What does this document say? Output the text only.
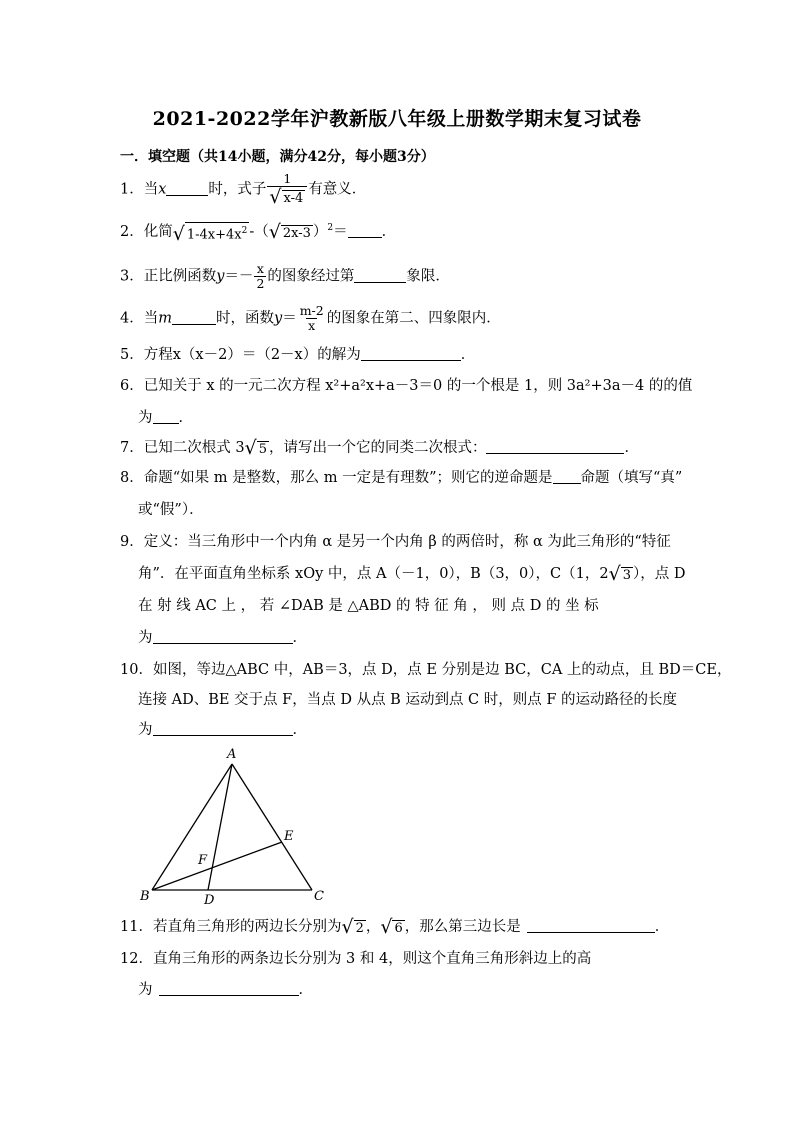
2021-2022学年沪教新版八年级上册数学期末复习试卷
一．填空题（共14小题，满分42分，每小题3分）
1．当x	时，式子 $\frac{1}{√ x-4}$ 有意义．
2．化简 √ $1-4x+4x^2$ -（ √ 2x-3 ）$^2$＝ ．
3．正比例函数$y=- \frac{x}{2}$ 的图象经过第	象限．
4．当m	时，函数$y= \frac{m-2}{x}$ 的图象在第二、四象限内．
5．方程x（x－2）＝（2－x）的解为	．
6．已知关于 x 的一元二次方程 x²+a²x+a－3＝0 的一个根是 1，则 3a²+3a－4 的的值
为 ．
7．已知二次根式 3 √ 5 ，请写出一个它的同类二次根式：	．
8．命题“如果 m 是整数，那么 m 一定是有理数”；则它的逆命题是 命题（填写“真”
或“假”）．
9．定义：当三角形中一个内角 α 是另一个内角 β 的两倍时，称 α 为此三角形的“特征
角”．在平面直角坐标系 xOy 中，点 A（－1，0），B（3，0），C（1，2 √ 3 ），点 D
在 射 线 AC 上 ， 若 ∠DAB 是 △ABD 的 特 征 角 ， 则 点 D 的 坐 标
为	．
10．如图，等边△ABC 中，AB＝3，点 D，点 E 分别是边 BC，CA 上的动点，且 BD＝CE，
连接 AD、BE 交于点 F，当点 D 从点 B 运动到点 C 时，则点 F 的运动路径的长度
为	．
A
B	C
D
E
F
11．若直角三角形的两边长分别为 √ 2 ， √ 6 ，那么第三边长是	．
12．直角三角形的两条边长分别为 3 和 4，则这个直角三角形斜边上的高
为	．
